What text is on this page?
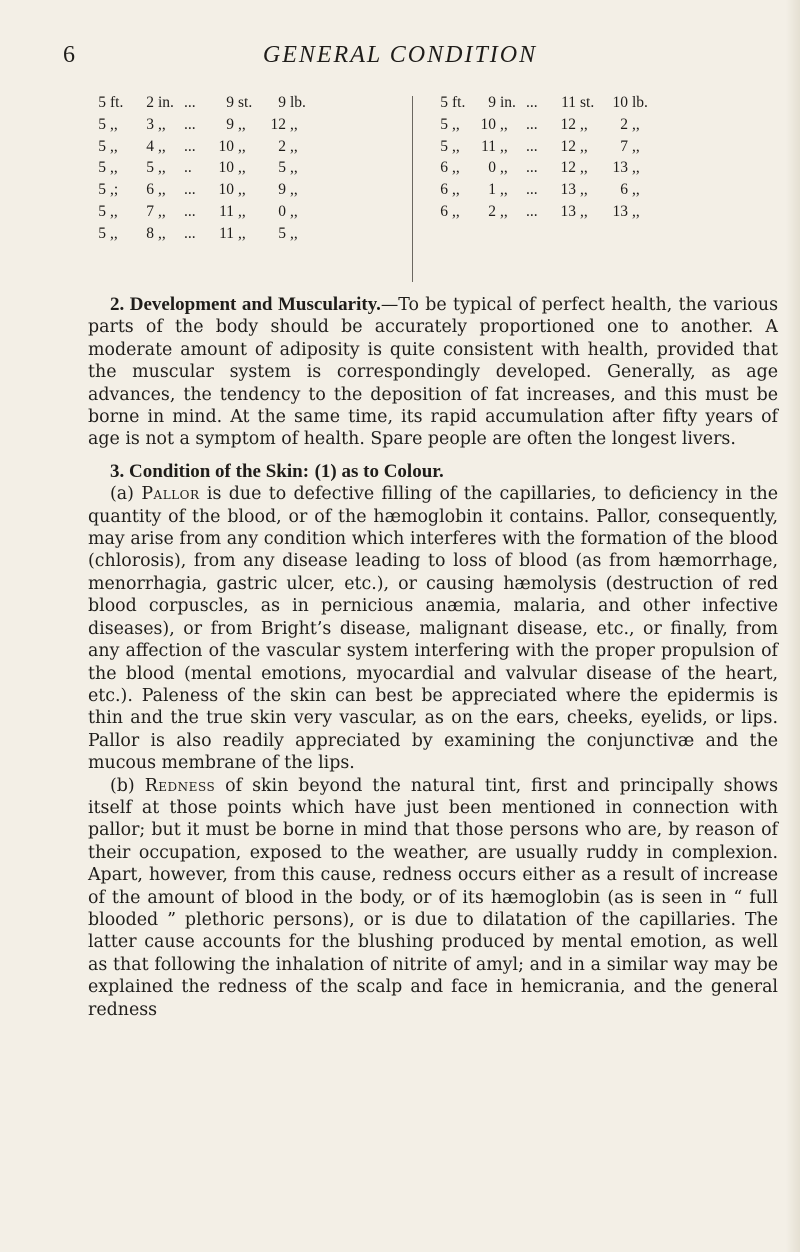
6	GENERAL CONDITION
5 ft. 2 in. ... 9 st. 9 lb.
5 ,, 3 ,, ... 9 ,, 12 ,,
5 ,, 4 ,, ... 10 ,, 2 ,,
5 ,, 5 ,, .. 10 ,, 5 ,,
5 ,; 6 ,, ... 10 ,, 9 ,,
5 ,, 7 ,, ... 11 ,, 0 ,,
5 ,, 8 ,, ... 11 ,, 5 ,,
5 ft. 9 in. ... 11 st. 10 lb.
5 ,, 10 ,, ... 12 ,, 2 ,,
5 ,, 11 ,, ... 12 ,, 7 ,,
6 ,, 0 ,, ... 12 ,, 13 ,,
6 ,, 1 ,, ... 13 ,, 6 ,,
6 ,, 2 ,, ... 13 ,, 13 ,,

2. Development and Muscularity.—To be typical of perfect health, the various parts of the body should be accurately proportioned one to another. A moderate amount of adiposity is quite consistent with health, provided that the muscular system is correspondingly developed. Generally, as age advances, the tendency to the deposition of fat increases, and this must be borne in mind. At the same time, its rapid accumulation after fifty years of age is not a symptom of health. Spare people are often the longest livers.

3. Condition of the Skin: (1) as to Colour.

(a) Pallor is due to defective filling of the capillaries, to deficiency in the quantity of the blood, or of the hæmoglobin it contains. Pallor, consequently, may arise from any condition which interferes with the formation of the blood (chlorosis), from any disease leading to loss of blood (as from hæmorrhage, menorrhagia, gastric ulcer, etc.), or causing hæmolysis (destruction of red blood corpuscles, as in pernicious anæmia, malaria, and other infective diseases), or from Bright’s disease, malignant disease, etc., or finally, from any affection of the vascular system interfering with the proper propulsion of the blood (mental emotions, myocardial and valvular disease of the heart, etc.). Paleness of the skin can best be appreciated where the epidermis is thin and the true skin very vascular, as on the ears, cheeks, eyelids, or lips. Pallor is also readily appreciated by examining the conjunctivæ and the mucous membrane of the lips.

(b) Redness of skin beyond the natural tint, first and principally shows itself at those points which have just been mentioned in connection with pallor; but it must be borne in mind that those persons who are, by reason of their occupation, exposed to the weather, are usually ruddy in complexion. Apart, however, from this cause, redness occurs either as a result of increase of the amount of blood in the body, or of its hæmoglobin (as is seen in “ full blooded ” plethoric persons), or is due to dilatation of the capillaries. The latter cause accounts for the blushing produced by mental emotion, as well as that following the inhalation of nitrite of amyl; and in a similar way may be explained the redness of the scalp and face in hemicrania, and the general redness
